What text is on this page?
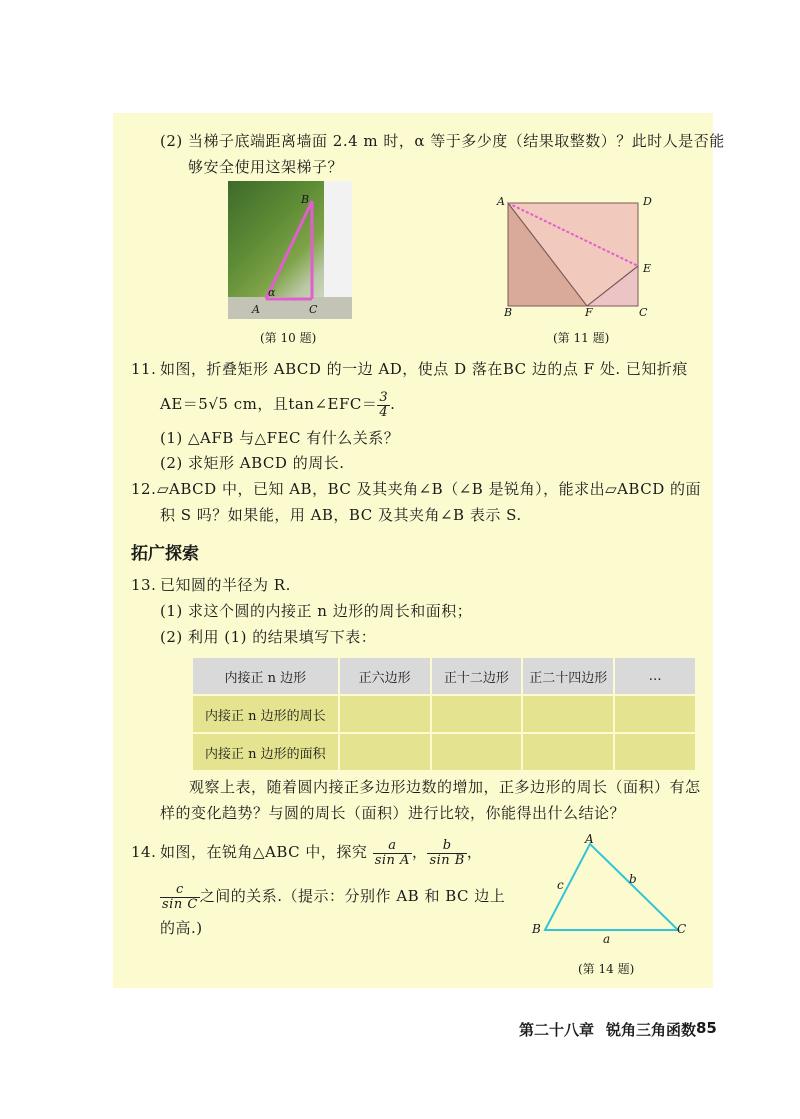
(2) 当梯子底端距离墙面 2.4 m 时，α 等于多少度（结果取整数）？此时人是否能
够安全使用这架梯子？
B
A	C
α
(第 10 题)
A	D
E
B	F	C
(第 11 题)
11. 如图，折叠矩形 ABCD 的一边 AD，使点 D 落在BC 边的点 F 处. 已知折痕
AE＝5√5 cm，且tan∠EFC＝ $\frac{3}{4}$ .
(1) △AFB 与△FEC 有什么关系？
(2) 求矩形 ABCD 的周长.
12. ▱ABCD 中，已知 AB，BC 及其夹角∠B（∠B 是锐角），能求出▱ABCD 的面
积 S 吗？如果能，用 AB，BC 及其夹角∠B 表示 S.
拓广探索
13. 已知圆的半径为 R.
(1) 求这个圆的内接正 n 边形的周长和面积；
(2) 利用 (1) 的结果填写下表：
内接正 n 边形	正六边形	正十二边形	正二十四边形	…
内接正 n 边形的周长				
内接正 n 边形的面积				
观察上表，随着圆内接正多边形边数的增加，正多边形的周长（面积）有怎
样的变化趋势？与圆的周长（面积）进行比较，你能得出什么结论？
14. 如图，在锐角△ABC 中，探究 $\frac{a}{\text{sin A}}$ ， $\frac{b}{\text{sin B}}$ ，
$\frac{c}{\text{sin C}}$ 之间的关系.（提示：分别作 AB 和 BC 边上
的高.)
A
B	C
a
b
c
(第 14 题)
第二十八章 锐角三角函数 85
